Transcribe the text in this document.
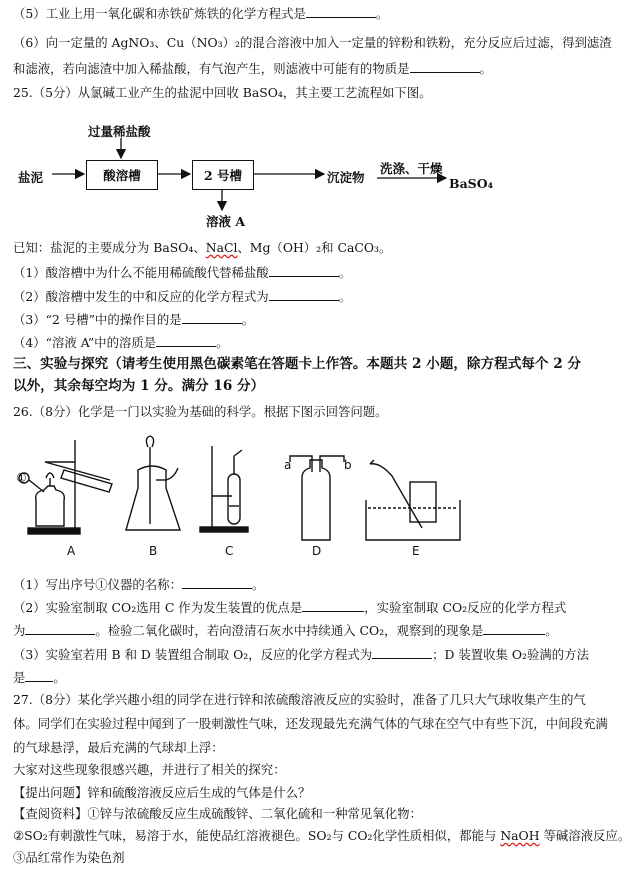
（5）工业上用一氧化碳和赤铁矿炼铁的化学方程式是	。
（6）向一定量的 AgNO₃、Cu（NO₃）₂的混合溶液中加入一定量的锌粉和铁粉，充分反应后过滤，得到滤渣
和滤液，若向滤渣中加入稀盐酸，有气泡产生，则滤液中可能有的物质是	。
25.（5分）从氯碱工业产生的盐泥中回收 BaSO₄，其主要工艺流程如下图。
过量稀盐酸
盐泥	酸溶槽	2 号槽	沉淀物
洗涤、干燥
BaSO₄
溶液 A
已知：盐泥的主要成分为 BaSO₄、NaCl、Mg（OH）₂和 CaCO₃。
（1）酸溶槽中为什么不能用稀硫酸代替稀盐酸	。
（2）酸溶槽中发生的中和反应的化学方程式为	。
（3）“2 号槽”中的操作目的是	。
（4）“溶液 A”中的溶质是	。
三、实验与探究（请考生使用黑色碳素笔在答题卡上作答。本题共 2 小题，除方程式每个 2 分
以外，其余每空均为 1 分。满分 16 分）
26.（8分）化学是一门以实验为基础的科学。根据下图示回答问题。
①
a	b
A	B	C	D	E
（1）写出序号①仪器的名称：	。
（2）实验室制取 CO₂选用 C 作为发生装置的优点是	，实验室制取 CO₂反应的化学方程式
为	。检验二氧化碳时，若向澄清石灰水中持续通入 CO₂，观察到的现象是	。
（3）实验室若用 B 和 D 装置组合制取 O₂，反应的化学方程式为	；D 装置收集 O₂验满的方法
是 。
27.（8分）某化学兴趣小组的同学在进行锌和浓硫酸溶液反应的实验时，准备了几只大气球收集产生的气
体。同学们在实验过程中闻到了一股刺激性气味，还发现最先充满气体的气球在空气中有些下沉，中间段充满
的气球悬浮，最后充满的气球却上浮：
大家对这些现象很感兴趣，并进行了相关的探究：
【提出问题】锌和硫酸溶液反应后生成的气体是什么？
【查阅资料】①锌与浓硫酸反应生成硫酸锌、二氧化硫和一种常见氧化物：
②SO₂有刺激性气味，易溶于水，能使品红溶液褪色。SO₂与 CO₂化学性质相似，都能与 NaOH 等碱溶液反应。
③品红常作为染色剂
